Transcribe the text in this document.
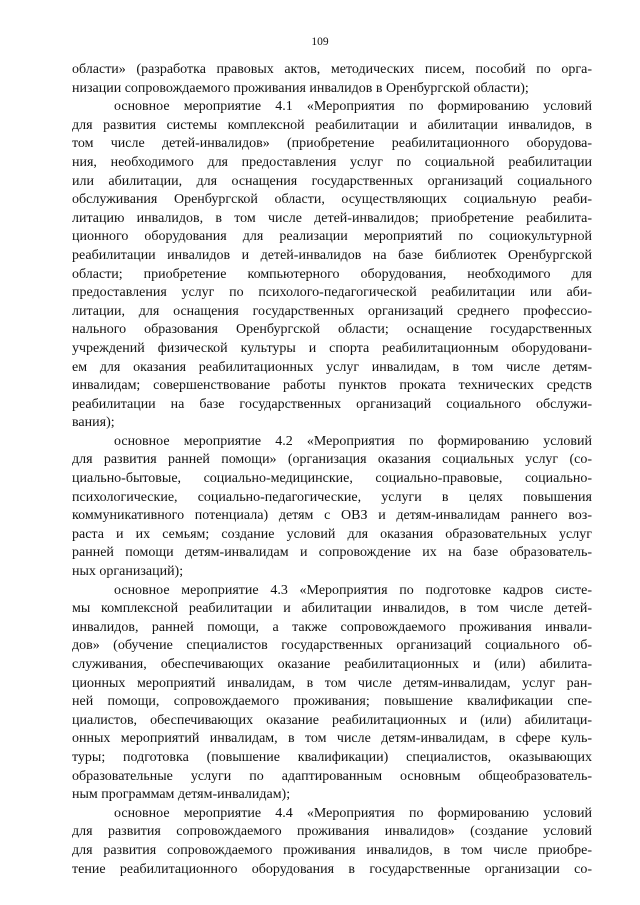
109
области» (разработка правовых актов, методических писем, пособий по орга-
низации сопровождаемого проживания инвалидов в Оренбургской области);
основное мероприятие 4.1 «Мероприятия по формированию условий
для развития системы комплексной реабилитации и абилитации инвалидов, в
том числе детей-инвалидов» (приобретение реабилитационного оборудова-
ния, необходимого для предоставления услуг по социальной реабилитации
или абилитации, для оснащения государственных организаций социального
обслуживания Оренбургской области, осуществляющих социальную реаби-
литацию инвалидов, в том числе детей-инвалидов; приобретение реабилита-
ционного оборудования для реализации мероприятий по социокультурной
реабилитации инвалидов и детей-инвалидов на базе библиотек Оренбургской
области; приобретение компьютерного оборудования, необходимого для
предоставления услуг по психолого-педагогической реабилитации или аби-
литации, для оснащения государственных организаций среднего профессио-
нального образования Оренбургской области; оснащение государственных
учреждений физической культуры и спорта реабилитационным оборудовани-
ем для оказания реабилитационных услуг инвалидам, в том числе детям-
инвалидам; совершенствование работы пунктов проката технических средств
реабилитации на базе государственных организаций социального обслужи-
вания);
основное мероприятие 4.2 «Мероприятия по формированию условий
для развития ранней помощи» (организация оказания социальных услуг (со-
циально-бытовые, социально-медицинские, социально-правовые, социально-
психологические, социально-педагогические, услуги в целях повышения
коммуникативного потенциала) детям с ОВЗ и детям-инвалидам раннего воз-
раста и их семьям; создание условий для оказания образовательных услуг
ранней помощи детям-инвалидам и сопровождение их на базе образователь-
ных организаций);
основное мероприятие 4.3 «Мероприятия по подготовке кадров систе-
мы комплексной реабилитации и абилитации инвалидов, в том числе детей-
инвалидов, ранней помощи, а также сопровождаемого проживания инвали-
дов» (обучение специалистов государственных организаций социального об-
служивания, обеспечивающих оказание реабилитационных и (или) абилита-
ционных мероприятий инвалидам, в том числе детям-инвалидам, услуг ран-
ней помощи, сопровождаемого проживания; повышение квалификации спе-
циалистов, обеспечивающих оказание реабилитационных и (или) абилитаци-
онных мероприятий инвалидам, в том числе детям-инвалидам, в сфере куль-
туры; подготовка (повышение квалификации) специалистов, оказывающих
образовательные услуги по адаптированным основным общеобразователь-
ным программам детям-инвалидам);
основное мероприятие 4.4 «Мероприятия по формированию условий
для развития сопровождаемого проживания инвалидов» (создание условий
для развития сопровождаемого проживания инвалидов, в том числе приобре-
тение реабилитационного оборудования в государственные организации со-
